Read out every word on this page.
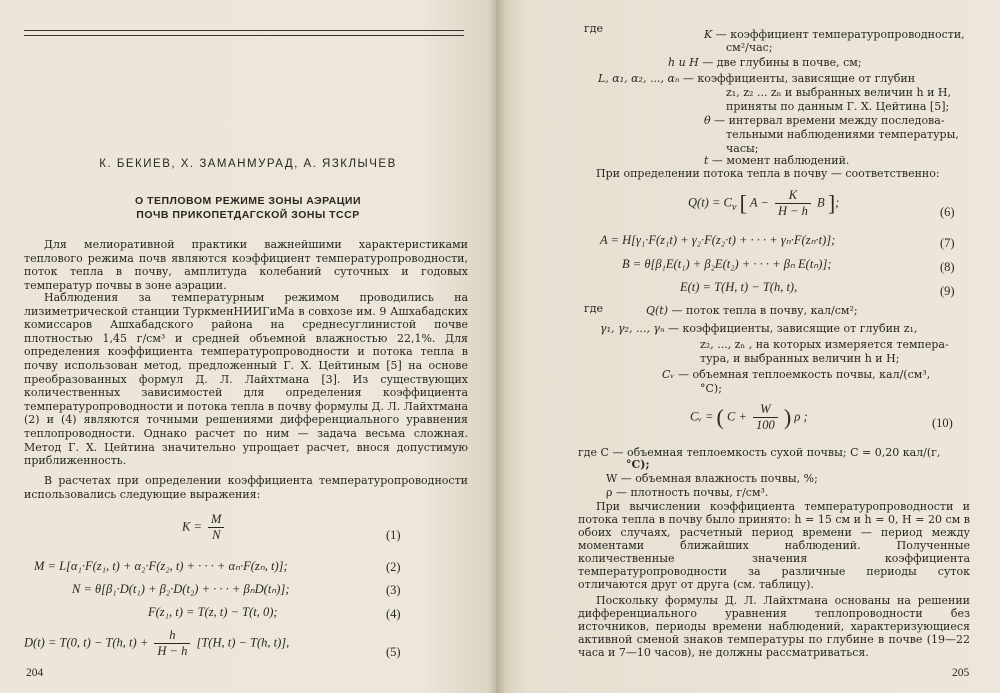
К. БЕКИЕВ, Х. ЗАМАНМУРАД, А. ЯЗКЛЫЧЕВ
О ТЕПЛОВОМ РЕЖИМЕ ЗОНЫ АЭРАЦИИ
ПОЧВ ПРИКОПЕТДАГСКОЙ ЗОНЫ ТССР

Для мелиоративной практики важнейшими характеристиками теплового режима почв являются коэффициент температуропроводности, поток тепла в почву, амплитуда колебаний суточных и годовых температур почвы в зоне аэрации.

Наблюдения за температурным режимом проводились на лизиметрической станции ТуркменНИИГиМа в совхозе им. 9 Ашхабадских комиссаров Ашхабадского района на среднесуглинистой почве плотностью 1,45 г/см³ и средней объемной влажностью 22,1%. Для определения коэффициента температуропроводности и потока тепла в почву использован метод, предложенный Г. Х. Цейтиным [5] на основе преобразованных формул Д. Л. Лайхтмана [3]. Из существующих количественных зависимостей для определения коэффициента температуропроводности и потока тепла в почву формулы Д. Л. Лайхтмана (2) и (4) являются точными решениями дифференциального уравнения теплопроводности. Однако расчет по ним — задача весьма сложная. Метод Г. Х. Цейтина значительно упрощает расчет, внося допустимую приближенность.

В расчетах при определении коэффициента температуропроводности использовались следующие выражения:

$K = \frac{M}{N}$	(1)
M = L[α₁·F(z₁, t) + α₂·F(z₂, t) + · · · + αₙ·F(zₙ, t)];	(2)
N = θ[β₁·D(t₁) + β₂·D(t₂) + · · · + βₙD(tₙ)];	(3)
F(z₁, t) = T(z, t) − T(t, 0);	(4)
D(t) = T(0, t) − T(h, $t) + \frac{h}{H - h} [T(H$, t) − T(h, t)],
(5)
204
где	K — коэффициент температуропроводности,
см²/час;
h и H — две глубины в почве, см;
L, α₁, α₂, ..., αₙ — коэффициенты, зависящие от глубин
z₁, z₂ ... zₙ и выбранных величин h и H,
приняты по данным Г. Х. Цейтина [5];
θ — интервал времени между последова-
тельными наблюдениями температуры,
часы;
t — момент наблюдений.

При определении потока тепла в почву — соответственно:

$Q(t) = C_v$ [ $A - \frac{K}{H - h}$ B ];
(6)
A = H[γ₁·F(z₁t) + γ₂·F(z₂·t) + · · · + γₙ·F(zₙ·t)];	(7)
B = θ[β₁E(t₁) + β₂E(t₂) + · · · + βₙ E(tₙ)];	(8)
E(t) = T(H, t) − T(h, t),	(9)
где	Q(t) — поток тепла в почву, кал/см²;
γ₁, γ₂, ..., γₙ — коэффициенты, зависящие от глубин z₁,
z₂, ..., zₙ , на которых измеряется темпера-
тура, и выбранных величин h и H;
Cᵥ — объемная теплоемкость почвы, кал/(см³,
°С);
Cᵥ = ( $C + \frac{W}{100}$ ) ρ ;	(10)
где C — объемная теплоемкость сухой почвы; C = 0,20 кал/(г,
°С);
W — объемная влажность почвы, %;
ρ — плотность почвы, г/см³.

При вычислении коэффициента температуропроводности и потока тепла в почву было принято: h = 15 см и h = 0, H = 20 см в обоих случаях, расчетный период времени — период между моментами ближайших наблюдений. Полученные количественные значения коэффициента температуропроводности за различные периоды суток отличаются друг от друга (см. таблицу).

Поскольку формулы Д. Л. Лайхтмана основаны на решении дифференциального уравнения теплопроводности без источников, периоды времени наблюдений, характеризующиеся активной сменой знаков температуры по глубине в почве (19—22 часа и 7—10 часов), не должны рассматриваться.

205
